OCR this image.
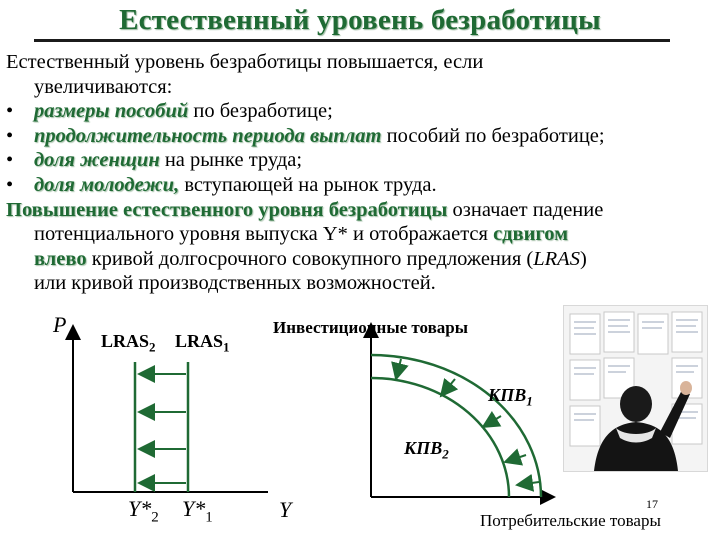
Естественный уровень безработицы

Естественный уровень безработицы повышается, если

увеличиваются:

• размеры пособий по безработице;

• продолжительность периода выплат пособий по безработице;

• доля женщин на рынке труда;

• доля молодежи, вступающей на рынок труда.

Повышение естественного уровня безработицы означает падение

потенциального уровня выпуска Y* и отображается сдвигом

влево кривой долгосрочного совокупного предложения (LRAS)

или кривой производственных возможностей.

P
$LRAS_2$ $LRAS_1$
$Y*_2$ $Y*_1$	Y
Инвестиционные товары
$КПВ_1$
$КПВ_2$
Потребительские товары
17
